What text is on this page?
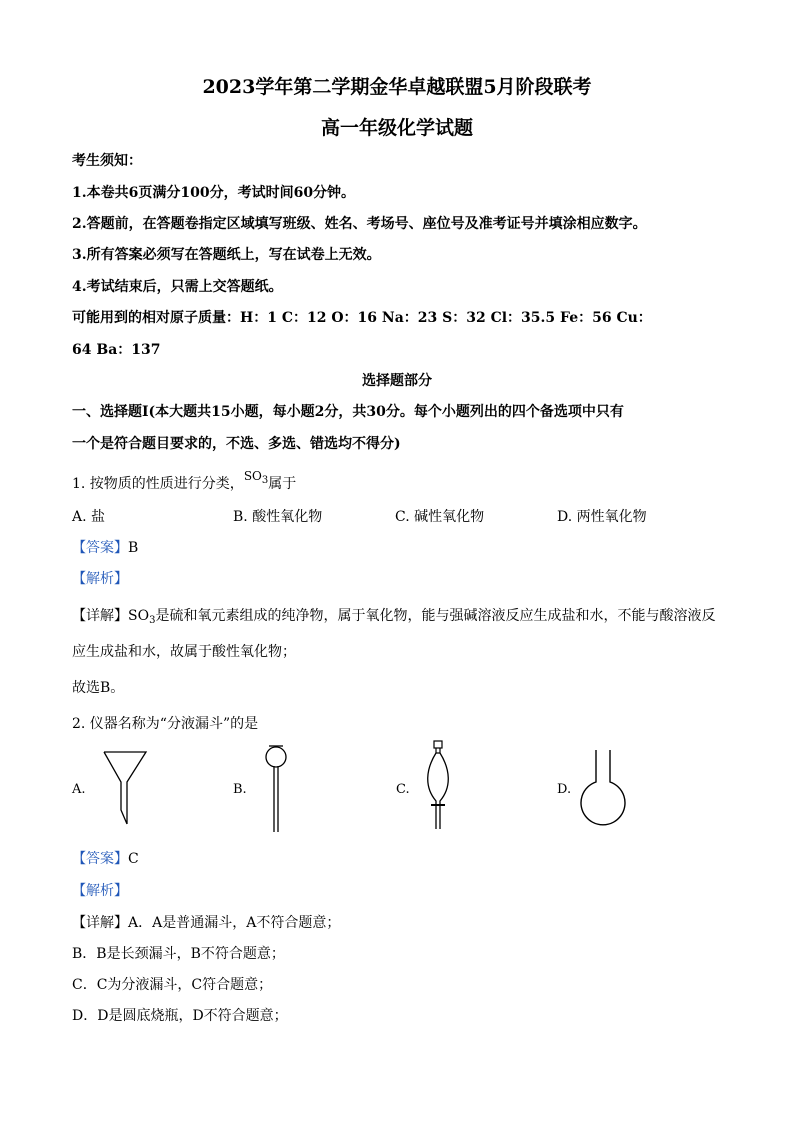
2023学年第二学期金华卓越联盟5月阶段联考
高一年级化学试题
考生须知：
1.本卷共6页满分100分，考试时间60分钟。
2.答题前，在答题卷指定区域填写班级、姓名、考场号、座位号及准考证号并填涂相应数字。
3.所有答案必须写在答题纸上，写在试卷上无效。
4.考试结束后，只需上交答题纸。
可能用到的相对原子质量：H：1 C：12 O：16 Na：23 S：32 Cl：35.5 Fe：56 Cu：
64 Ba：137
选择题部分
一、选择题Ⅰ(本大题共15小题，每小题2分，共30分。每个小题列出的四个备选项中只有
一个是符合题目要求的，不选、多选、错选均不得分)
1. 按物质的性质进行分类，$SO_3$属于
A. 盐	B. 酸性氧化物	C. 碱性氧化物	D. 两性氧化物
【答案】B
【解析】
【详解】$SO_3$是硫和氧元素组成的纯净物，属于氧化物，能与强碱溶液反应生成盐和水，不能与酸溶液反
应生成盐和水，故属于酸性氧化物；
故选B。
2. 仪器名称为“分液漏斗”的是
A.	B.	C.	D.
【答案】C
【解析】
【详解】A．A是普通漏斗，A不符合题意；
B．B是长颈漏斗，B不符合题意；
C．C为分液漏斗，C符合题意；
D．D是圆底烧瓶，D不符合题意；
